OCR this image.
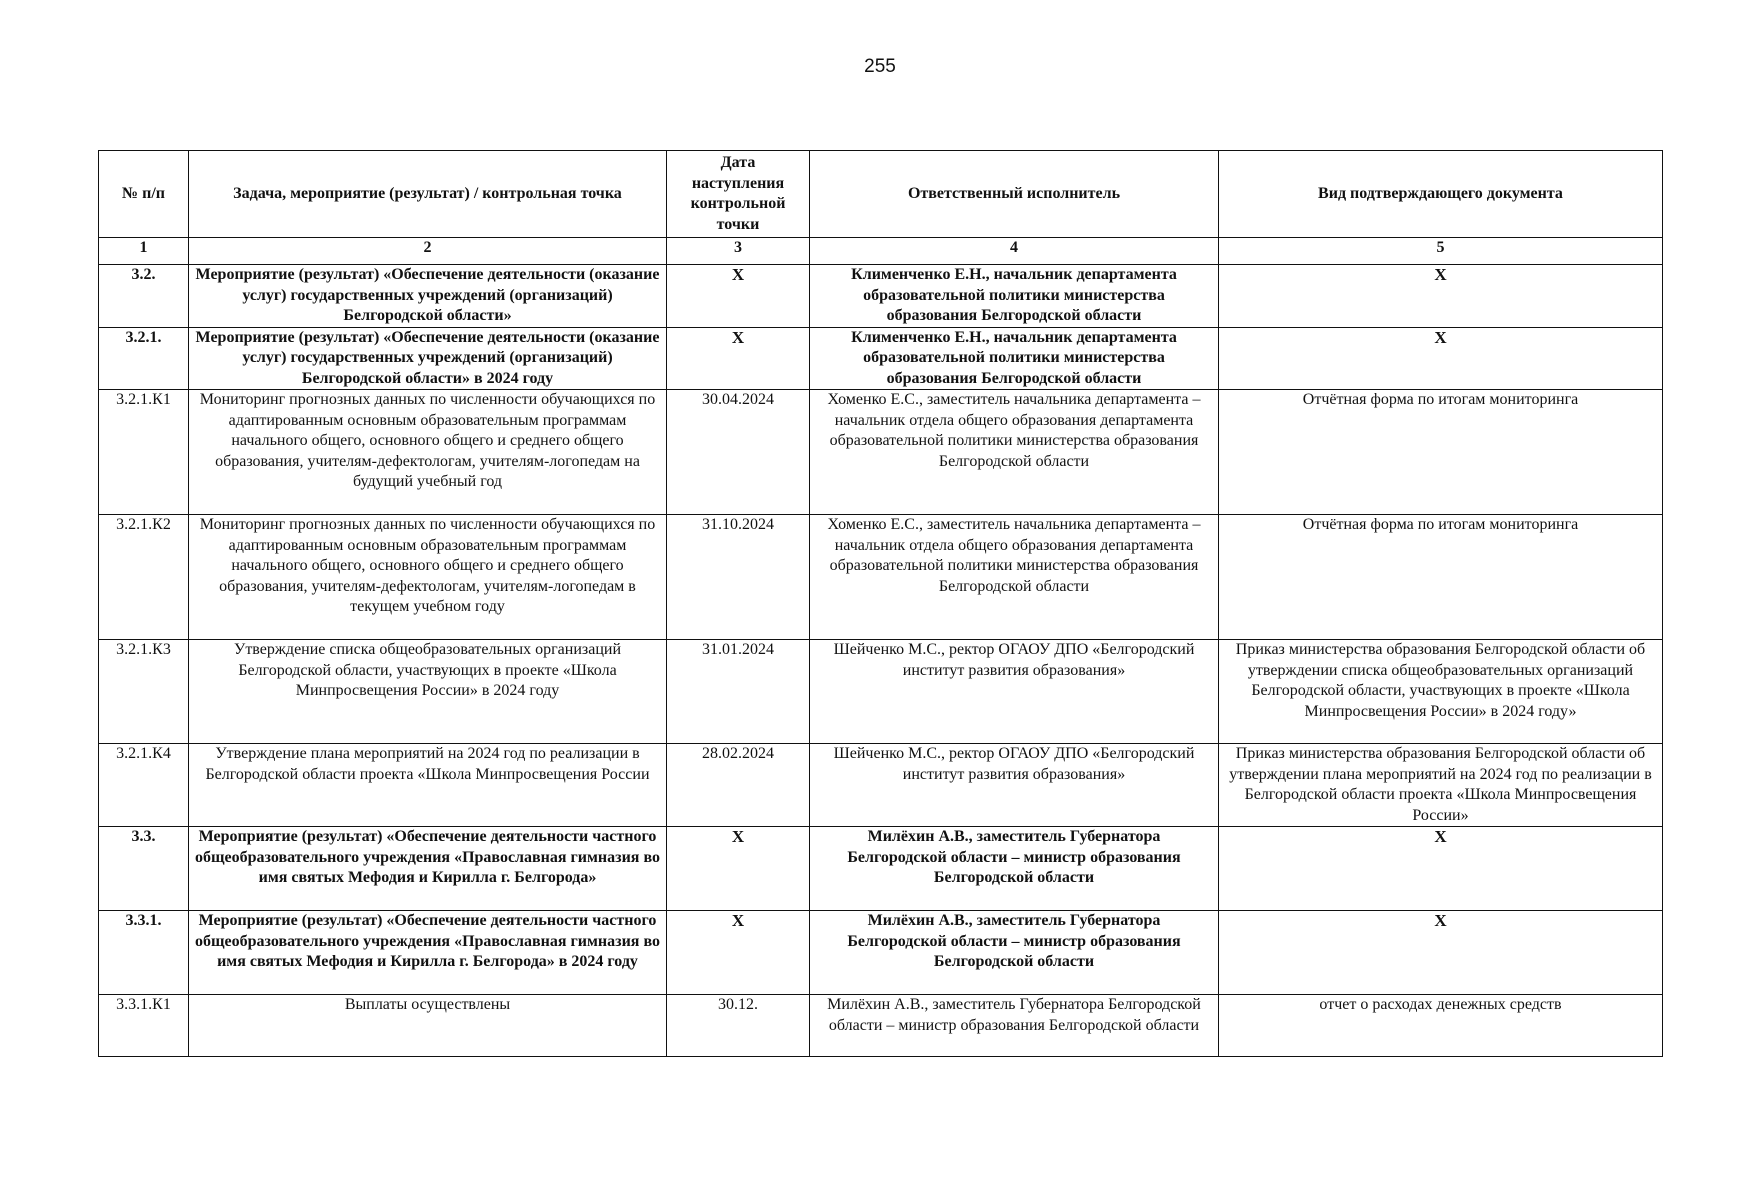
255
№ п/п	Задача, мероприятие (результат) / контрольная точка	Дата наступления контрольной точки	Ответственный исполнитель	Вид подтверждающего документа
1	2	3	4	5
3.2.	Мероприятие (результат) «Обеспечение деятельности (оказание услуг) государственных учреждений (организаций) Белгородской области»	Х	Клименченко Е.Н., начальник департамента образовательной политики министерства образования Белгородской области	Х
3.2.1.	Мероприятие (результат) «Обеспечение деятельности (оказание услуг) государственных учреждений (организаций) Белгородской области» в 2024 году	Х	Клименченко Е.Н., начальник департамента образовательной политики министерства образования Белгородской области	Х
3.2.1.К1	Мониторинг прогнозных данных по численности обучающихся по адаптированным основным образовательным программам начального общего, основного общего и среднего общего образования, учителям-дефектологам, учителям-логопедам на будущий учебный год	30.04.2024	Хоменко Е.С., заместитель начальника департамента – начальник отдела общего образования департамента образовательной политики министерства образования Белгородской области	Отчётная форма по итогам мониторинга
3.2.1.К2	Мониторинг прогнозных данных по численности обучающихся по адаптированным основным образовательным программам начального общего, основного общего и среднего общего образования, учителям-дефектологам, учителям-логопедам в текущем учебном году	31.10.2024	Хоменко Е.С., заместитель начальника департамента – начальник отдела общего образования департамента образовательной политики министерства образования Белгородской области	Отчётная форма по итогам мониторинга
3.2.1.К3	Утверждение списка общеобразовательных организаций Белгородской области, участвующих в проекте «Школа Минпросвещения России» в 2024 году	31.01.2024	Шейченко М.С., ректор ОГАОУ ДПО «Белгородский институт развития образования»	Приказ министерства образования Белгородской области об утверждении списка общеобразовательных организаций Белгородской области, участвующих в проекте «Школа Минпросвещения России» в 2024 году»
3.2.1.К4	Утверждение плана мероприятий на 2024 год по реализации в Белгородской области проекта «Школа Минпросвещения России	28.02.2024	Шейченко М.С., ректор ОГАОУ ДПО «Белгородский институт развития образования»	Приказ министерства образования Белгородской области об утверждении плана мероприятий на 2024 год по реализации в Белгородской области проекта «Школа Минпросвещения России»
3.3.	Мероприятие (результат) «Обеспечение деятельности частного общеобразовательного учреждения «Православная гимназия во имя святых Мефодия и Кирилла г. Белгорода»	Х	Милёхин А.В., заместитель Губернатора Белгородской области – министр образования Белгородской области	Х
3.3.1.	Мероприятие (результат) «Обеспечение деятельности частного общеобразовательного учреждения «Православная гимназия во имя святых Мефодия и Кирилла г. Белгорода» в 2024 году	Х	Милёхин А.В., заместитель Губернатора Белгородской области – министр образования Белгородской области	Х
3.3.1.К1	Выплаты осуществлены	30.12.	Милёхин А.В., заместитель Губернатора Белгородской области – министр образования Белгородской области	отчет о расходах денежных средств
